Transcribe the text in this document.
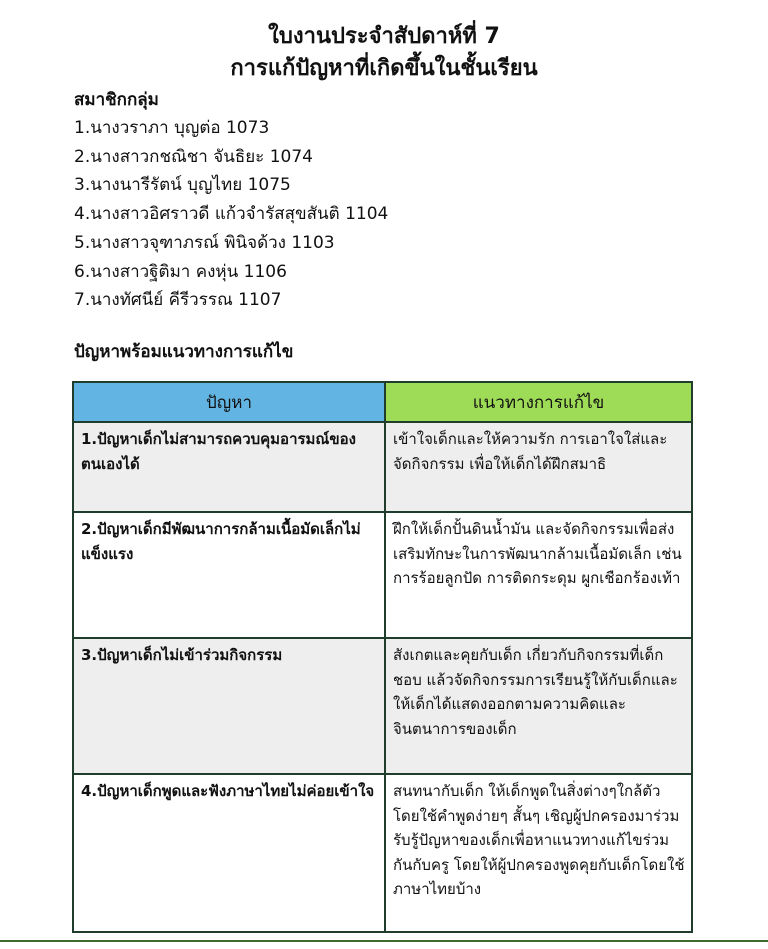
ใบงานประจำสัปดาห์ที่ 7
การแก้ปัญหาที่เกิดขึ้นในชั้นเรียน
สมาชิกกลุ่ม
1.นางวราภา บุญต่อ 1073
2.นางสาวกชณิชา จันธิยะ 1074
3.นางนารีรัตน์ บุญไทย 1075
4.นางสาวอิศราวดี แก้วจำรัสสุขสันติ 1104
5.นางสาวจุฑาภรณ์ พินิจด้วง 1103
6.นางสาวฐิติมา คงหุ่น 1106
7.นางทัศนีย์ คีรีวรรณ 1107
ปัญหาพร้อมแนวทางการแก้ไข
ปัญหา	แนวทางการแก้ไข
1.ปัญหาเด็กไม่สามารถควบคุมอารมณ์ของตนเองได้	เข้าใจเด็กและให้ความรัก การเอาใจใส่และจัดกิจกรรม เพื่อให้เด็กได้ฝึกสมาธิ
2.ปัญหาเด็กมีพัฒนาการกล้ามเนื้อมัดเล็กไม่แข็งแรง	ฝึกให้เด็กปั้นดินน้ำมัน และจัดกิจกรรมเพื่อส่งเสริมทักษะในการพัฒนากล้ามเนื้อมัดเล็ก เช่น การร้อยลูกปัด การติดกระดุม ผูกเชือกร้องเท้า
3.ปัญหาเด็กไม่เข้าร่วมกิจกรรม	สังเกตและคุยกับเด็ก เกี่ยวกับกิจกรรมที่เด็กชอบ แล้วจัดกิจกรรมการเรียนรู้ให้กับเด็กและให้เด็กได้แสดงออกตามความคิดและจินตนาการของเด็ก
4.ปัญหาเด็กพูดและฟังภาษาไทยไม่ค่อยเข้าใจ	สนทนากับเด็ก ให้เด็กพูดในสิ่งต่างๆใกล้ตัวโดยใช้คำพูดง่ายๆ สั้นๆ เชิญผู้ปกครองมาร่วมรับรู้ปัญหาของเด็กเพื่อหาแนวทางแก้ไขร่วมกันกับครู โดยให้ผู้ปกครองพูดคุยกับเด็กโดยใช้ภาษาไทยบ้าง
